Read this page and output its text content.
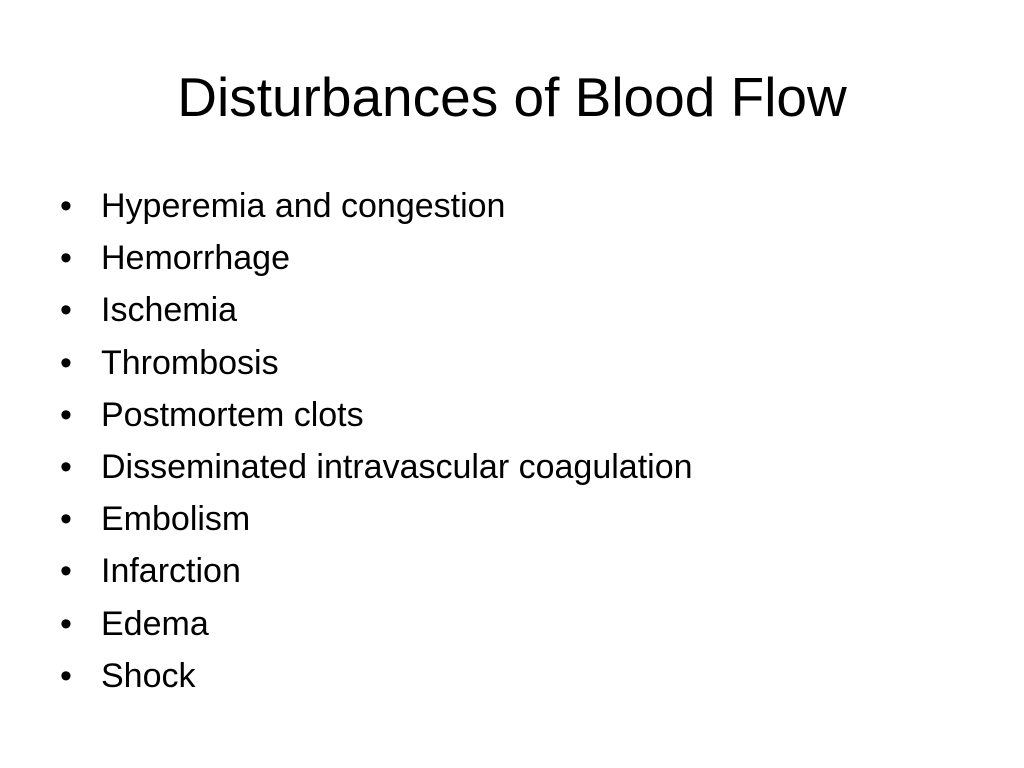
Disturbances of Blood Flow
• Hyperemia and congestion
• Hemorrhage
• Ischemia
• Thrombosis
• Postmortem clots
• Disseminated intravascular coagulation
• Embolism
• Infarction
• Edema
• Shock
